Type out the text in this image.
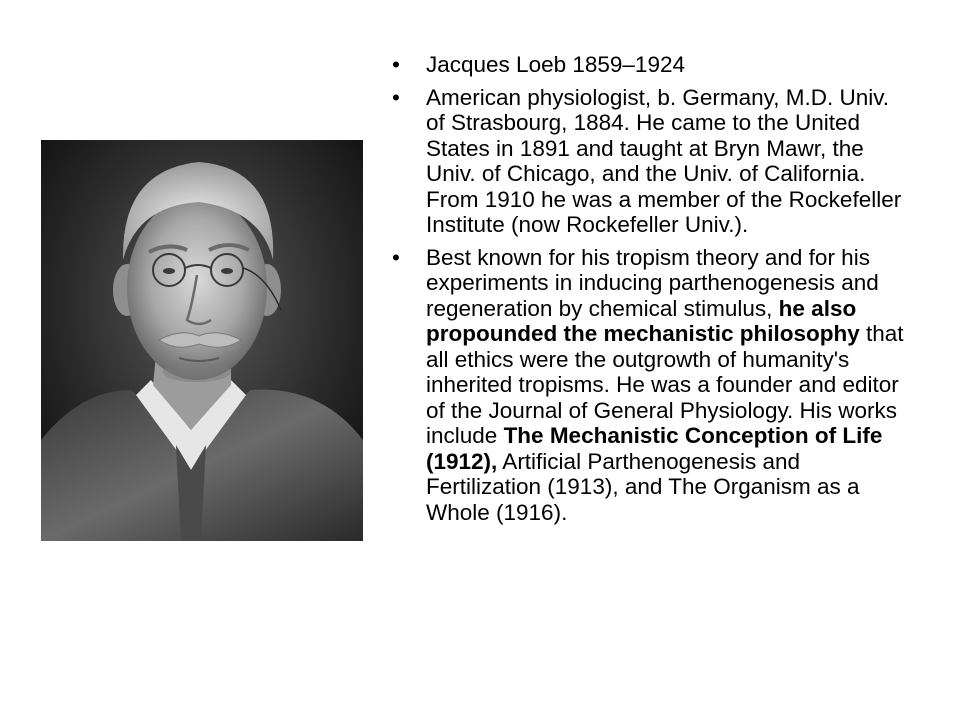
•	Jacques Loeb 1859–1924
•	American physiologist, b. Germany, M.D. Univ. of Strasbourg, 1884. He came to the United States in 1891 and taught at Bryn Mawr, the Univ. of Chicago, and the Univ. of California. From 1910 he was a member of the Rockefeller Institute (now Rockefeller Univ.).
•	Best known for his tropism theory and for his experiments in inducing parthenogenesis and regeneration by chemical stimulus, he also propounded the mechanistic philosophy that all ethics were the outgrowth of humanity's inherited tropisms. He was a founder and editor of the Journal of General Physiology. His works include The Mechanistic Conception of Life (1912), Artificial Parthenogenesis and Fertilization (1913), and The Organism as a Whole (1916).
